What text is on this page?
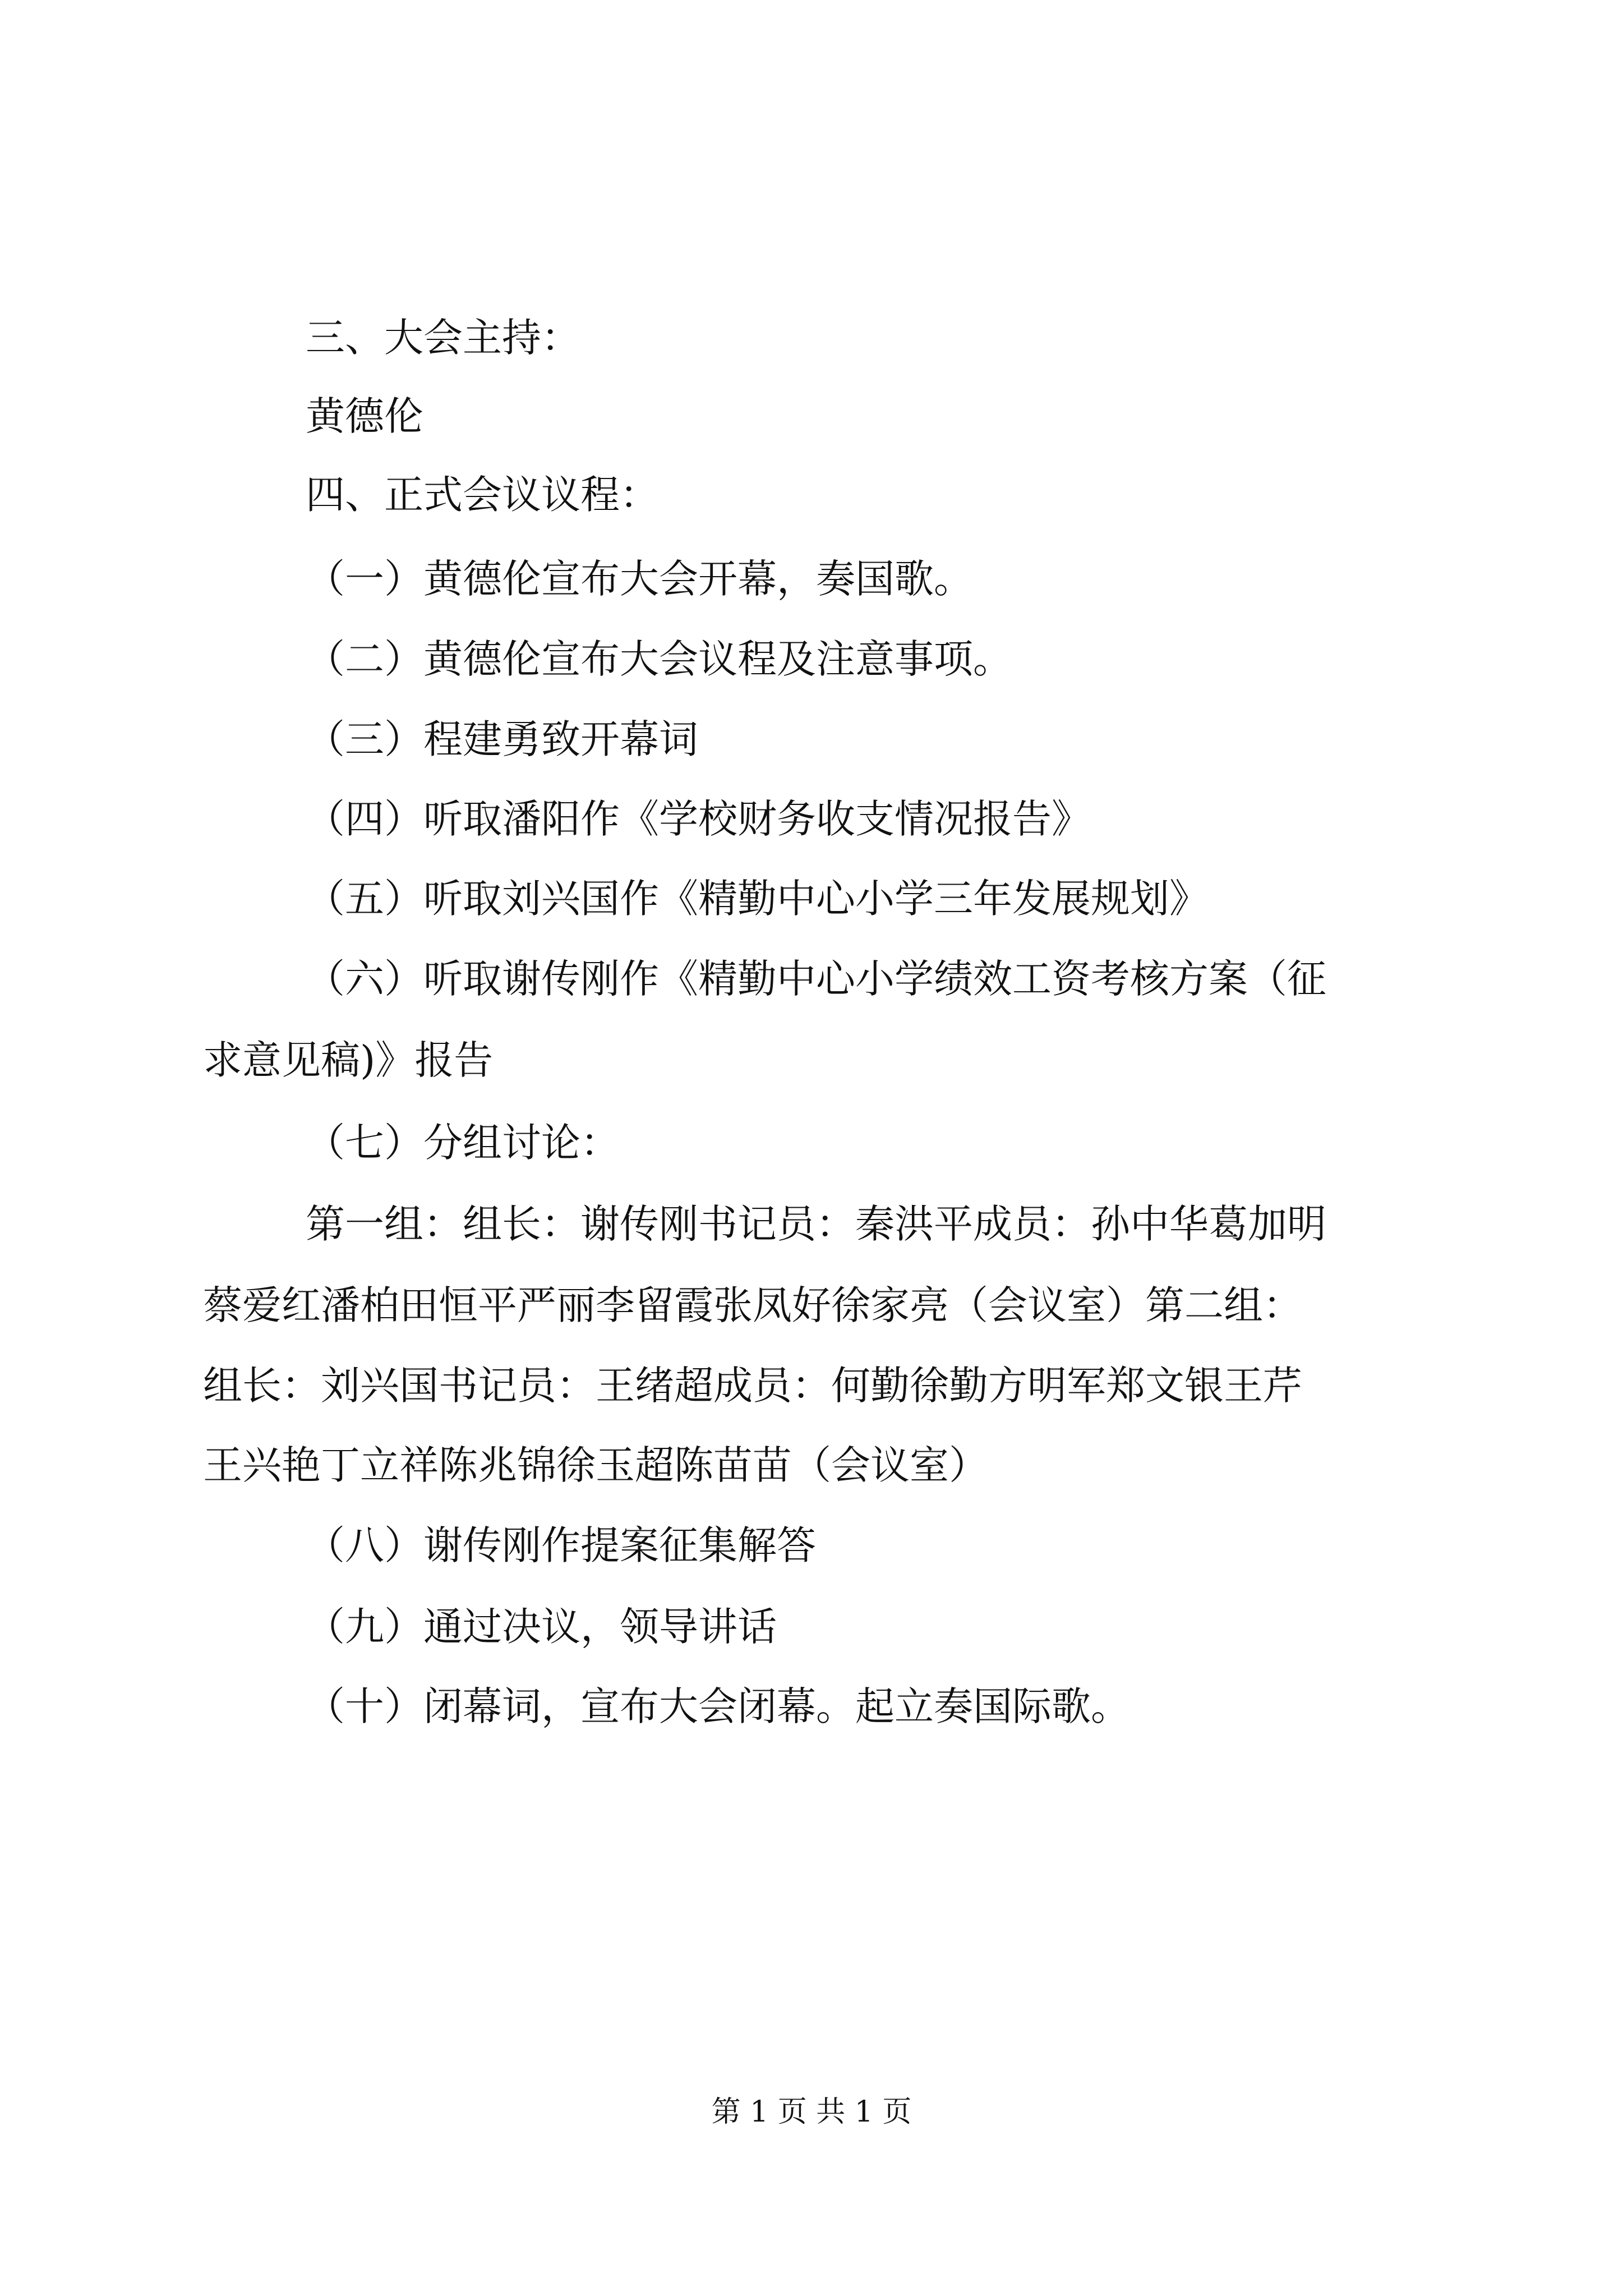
三、大会主持：
黄德伦
四、正式会议议程：
（一）黄德伦宣布大会开幕，奏国歌。
（二）黄德伦宣布大会议程及注意事项。
（三）程建勇致开幕词
（四）听取潘阳作《学校财务收支情况报告》
（五）听取刘兴国作《精勤中心小学三年发展规划》
（六）听取谢传刚作《精勤中心小学绩效工资考核方案（征
求意见稿)》报告
（七）分组讨论：
第一组：组长：谢传刚书记员：秦洪平成员：孙中华葛加明
蔡爱红潘柏田恒平严丽李留霞张凤好徐家亮（会议室）第二组：
组长：刘兴国书记员：王绪超成员：何勤徐勤方明军郑文银王芹
王兴艳丁立祥陈兆锦徐玉超陈苗苗（会议室）
（八）谢传刚作提案征集解答
（九）通过决议，领导讲话
（十）闭幕词，宣布大会闭幕。起立奏国际歌。
第 1 页 共 1 页
